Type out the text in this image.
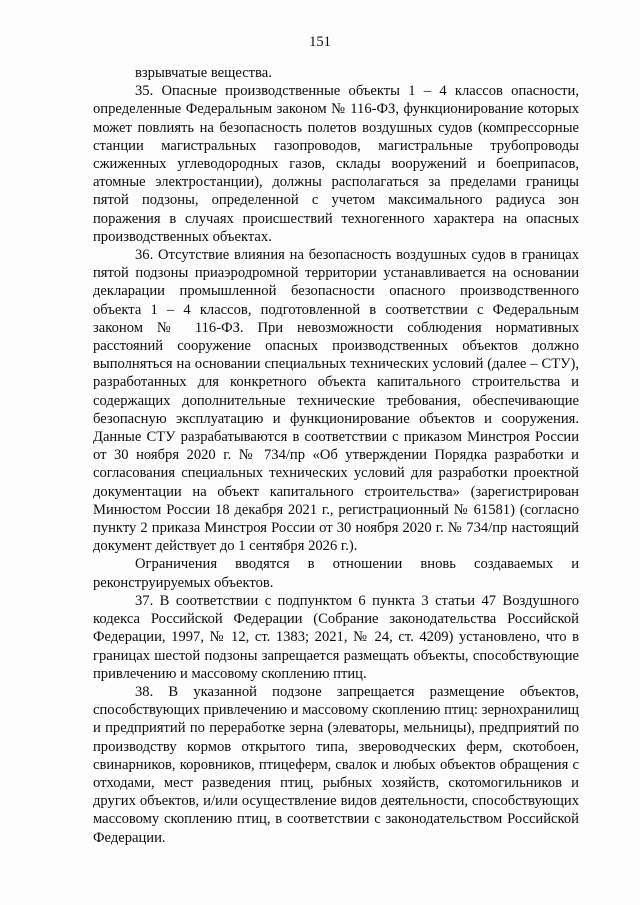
151

взрывчатые вещества.

35. Опасные производственные объекты 1 – 4 классов опасности, определенные Федеральным законом № 116-ФЗ, функционирование которых может повлиять на безопасность полетов воздушных судов (компрессорные станции магистральных газопроводов, магистральные трубопроводы сжиженных углеводородных газов, склады вооружений и боеприпасов, атомные электростанции), должны располагаться за пределами границы пятой подзоны, определенной с учетом максимального радиуса зон поражения в случаях происшествий техногенного характера на опасных производственных объектах.

36. Отсутствие влияния на безопасность воздушных судов в границах пятой подзоны приаэродромной территории устанавливается на основании декларации промышленной безопасности опасного производственного объекта 1 – 4 классов, подготовленной в соответствии с Федеральным законом № 116-ФЗ. При невозможности соблюдения нормативных расстояний сооружение опасных производственных объектов должно выполняться на основании специальных технических условий (далее – СТУ), разработанных для конкретного объекта капитального строительства и содержащих дополнительные технические требования, обеспечивающие безопасную эксплуатацию и функционирование объектов и сооружения. Данные СТУ разрабатываются в соответствии с приказом Минстроя России от 30 ноября 2020 г. № 734/пр «Об утверждении Порядка разработки и согласования специальных технических условий для разработки проектной документации на объект капитального строительства» (зарегистрирован Минюстом России 18 декабря 2021 г., регистрационный № 61581) (согласно пункту 2 приказа Минстроя России от 30 ноября 2020 г. № 734/пр настоящий документ действует до 1 сентября 2026 г.).

Ограничения вводятся в отношении вновь создаваемых и реконструируемых объектов.

37. В соответствии с подпунктом 6 пункта 3 статьи 47 Воздушного кодекса Российской Федерации (Собрание законодательства Российской Федерации, 1997, № 12, ст. 1383; 2021, № 24, ст. 4209) установлено, что в границах шестой подзоны запрещается размещать объекты, способствующие привлечению и массовому скоплению птиц.

38. В указанной подзоне запрещается размещение объектов, способствующих привлечению и массовому скоплению птиц: зернохранилищ и предприятий по переработке зерна (элеваторы, мельницы), предприятий по производству кормов открытого типа, звероводческих ферм, скотобоен, свинарников, коровников, птицеферм, свалок и любых объектов обращения с отходами, мест разведения птиц, рыбных хозяйств, скотомогильников и других объектов, и/или осуществление видов деятельности, способствующих массовому скоплению птиц, в соответствии с законодательством Российской Федерации.
